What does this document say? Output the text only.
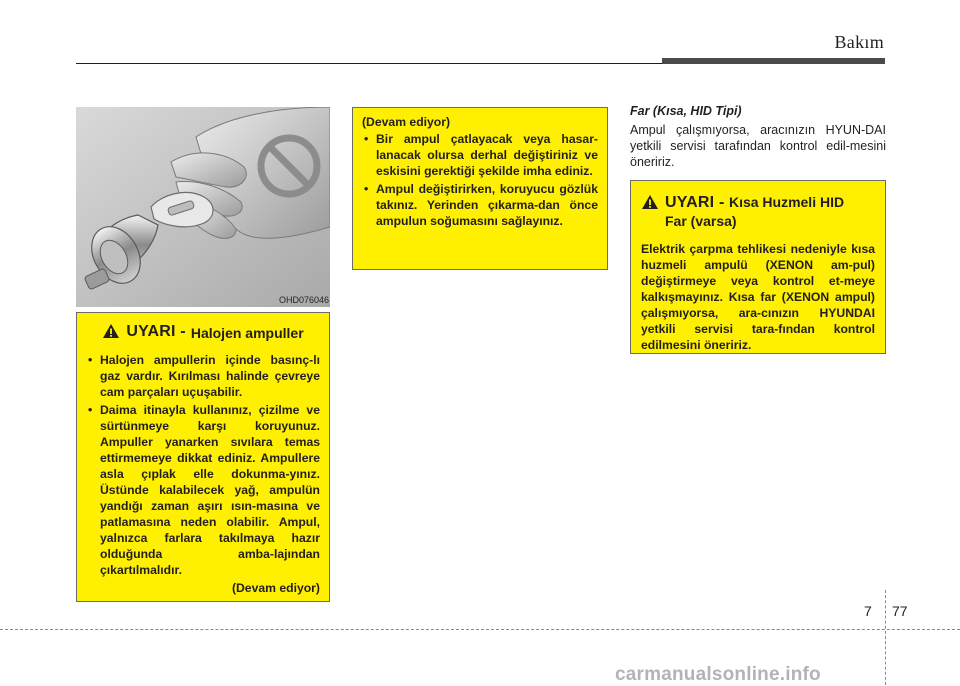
Bakım
OHD076046
UYARI - Halojen ampuller
• Halojen ampullerin içinde basınç-lı gaz vardır. Kırılması halinde çevreye cam parçaları uçuşabilir.
• Daima itinayla kullanınız, çizilme ve sürtünmeye karşı koruyunuz. Ampuller yanarken sıvılara temas ettirmemeye dikkat ediniz. Ampullere asla çıplak elle dokunma-yınız. Üstünde kalabilecek yağ, ampulün yandığı zaman aşırı ısın-masına ve patlamasına neden olabilir. Ampul, yalnızca farlara takılmaya hazır olduğunda amba-lajından çıkartılmalıdır.
(Devam ediyor)
(Devam ediyor)
• Bir ampul çatlayacak veya hasar-lanacak olursa derhal değiştiriniz ve eskisini gerektiği şekilde imha ediniz.
• Ampul değiştirirken, koruyucu gözlük takınız. Yerinden çıkarma-dan önce ampulun soğumasını sağlayınız.
Far (Kısa, HID Tipi)
Ampul çalışmıyorsa, aracınızın HYUN-DAI yetkili servisi tarafından kontrol edil-mesini öneririz.
UYARI - Kısa Huzmeli HID
Far (varsa)
Elektrik çarpma tehlikesi nedeniyle kısa huzmeli ampulü (XENON am-pul) değiştirmeye veya kontrol et-meye kalkışmayınız. Kısa far (XENON ampul) çalışmıyorsa, ara-cınızın HYUNDAI yetkili servisi tara-fından kontrol edilmesini öneririz.
7 77
carmanualsonline.info
